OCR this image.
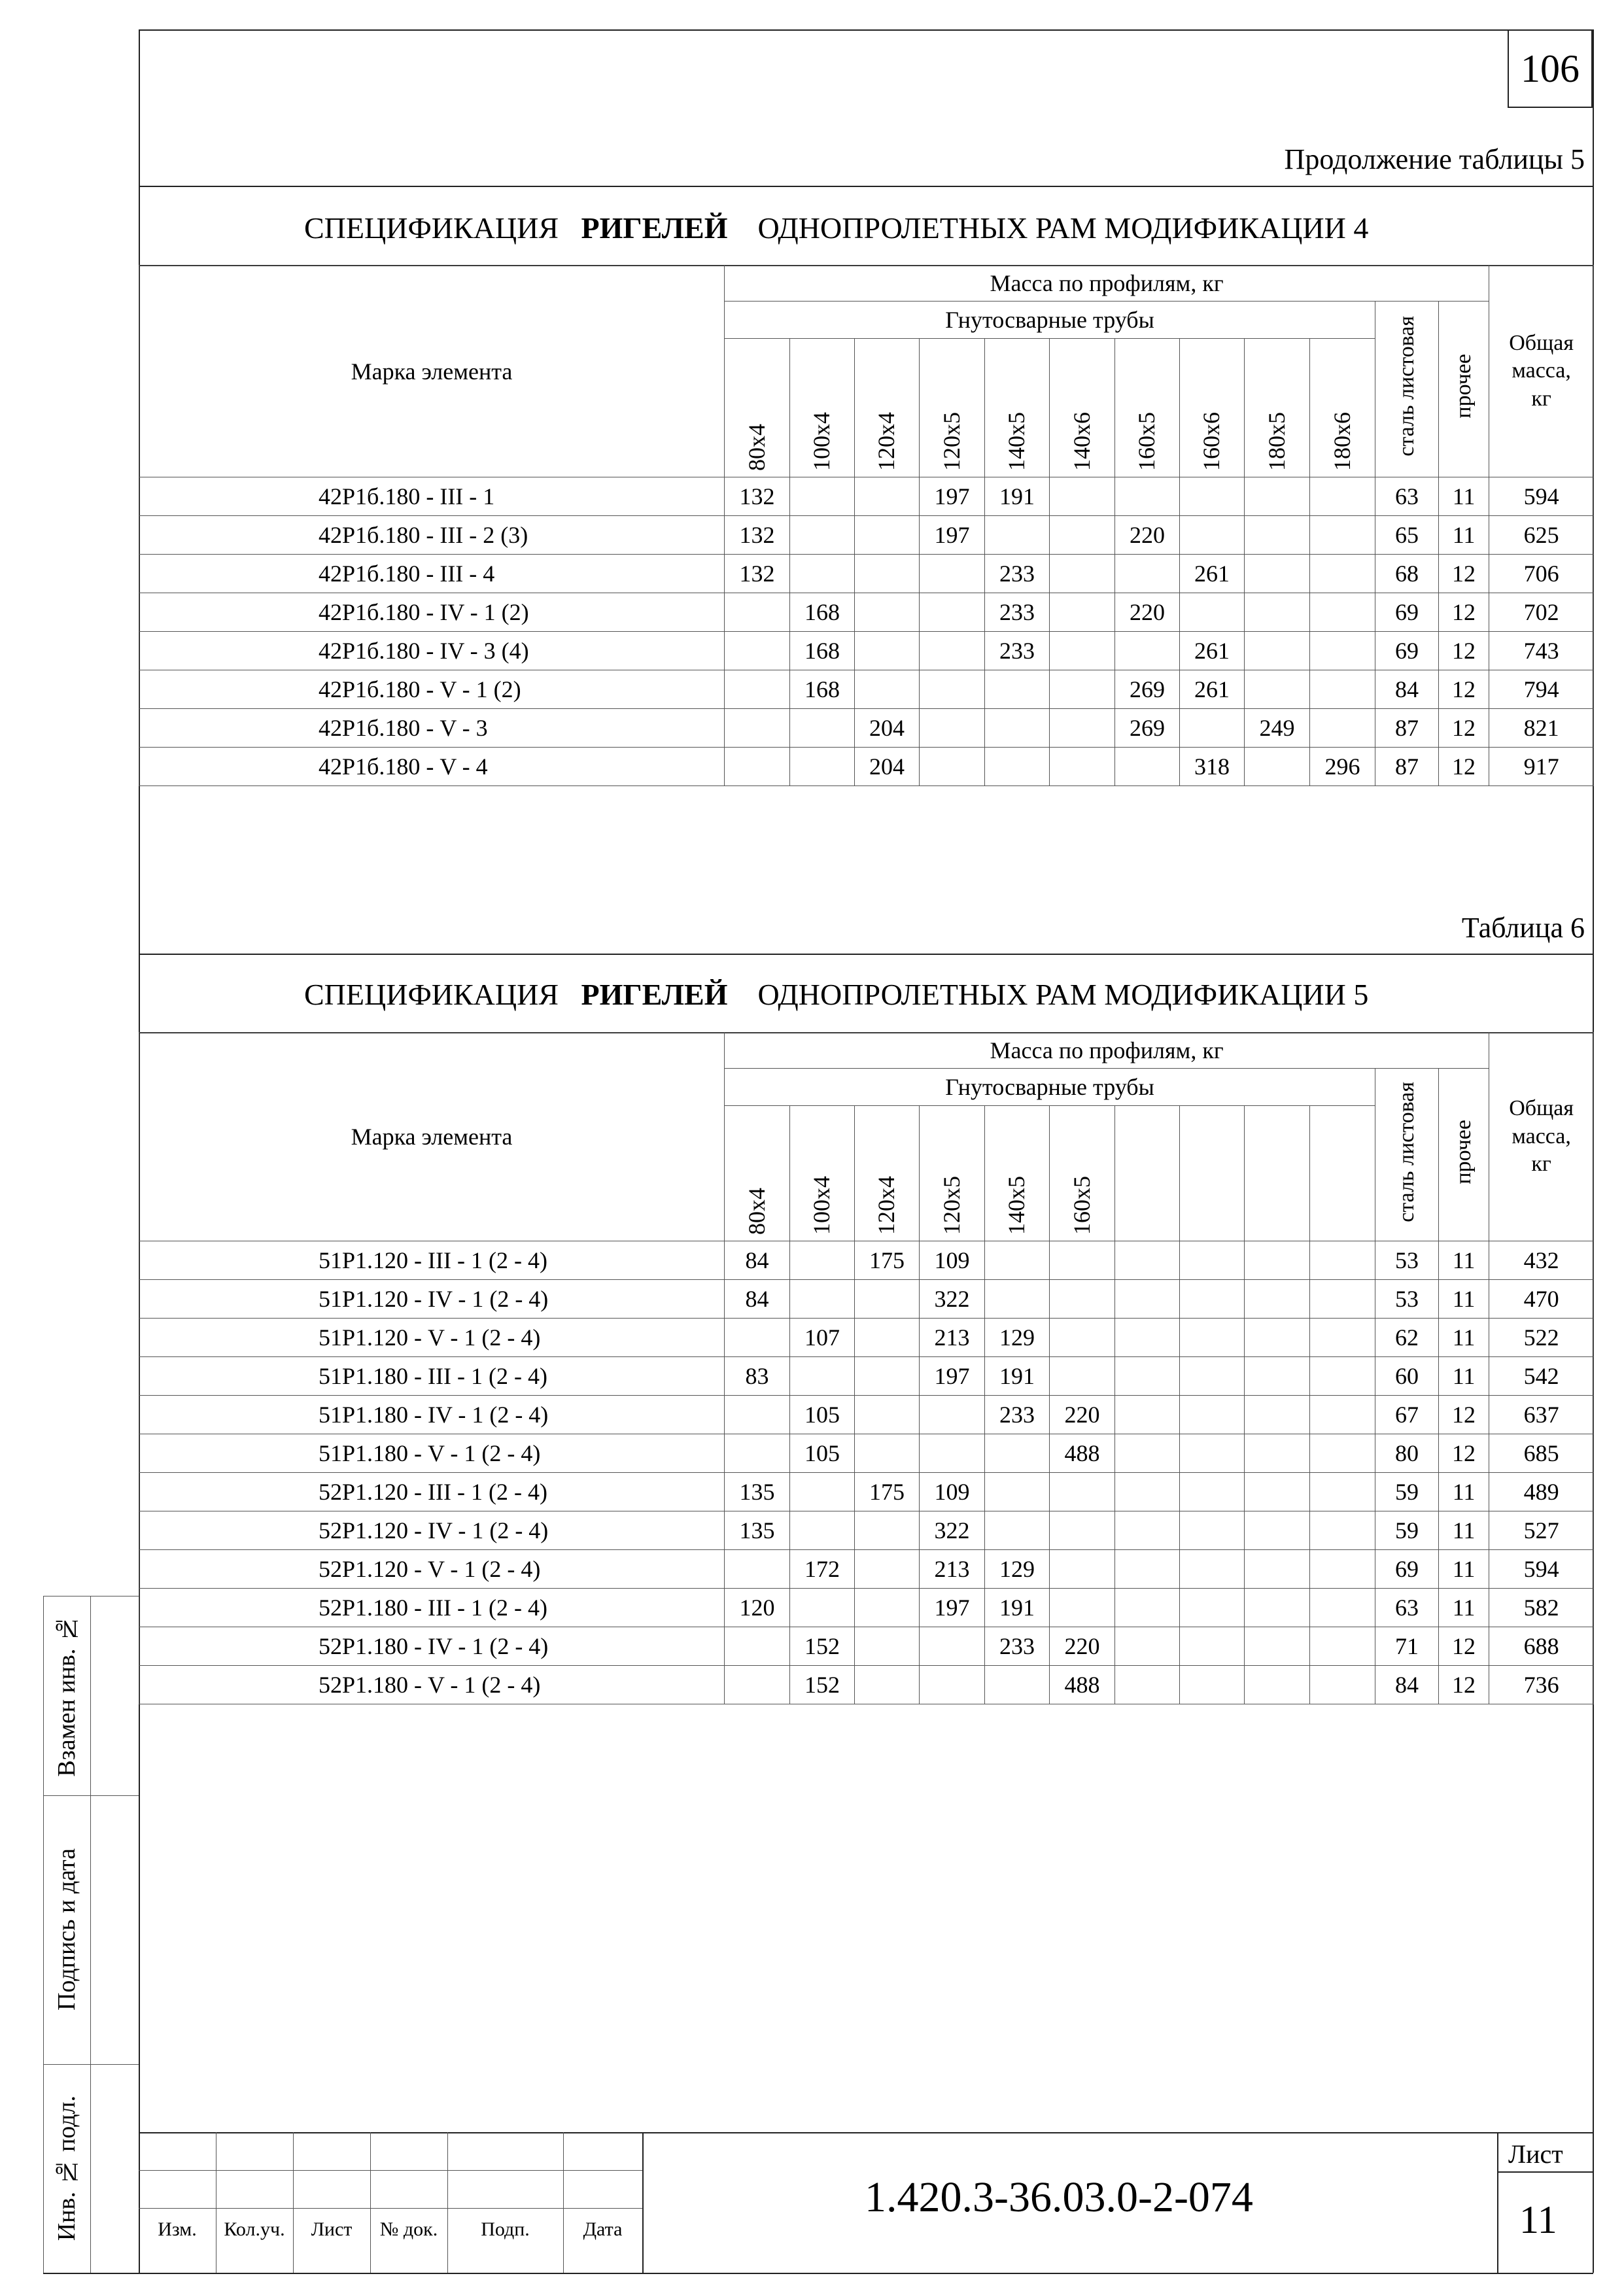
106
Продолжение таблицы 5
СПЕЦИФИКАЦИЯ РИГЕЛЕЙ ОДНОПРОЛЕТНЫХ РАМ МОДИФИКАЦИИ 4
Марка элемента	Масса по профилям, кг												Общая
масса,
кг
	Гнутосварные трубы										сталь листовая	прочее	
	80х4	100х4	120х4	120х5	140х5	140х6	160х5	160х6	180х5	180х6			
42Р1б.180 - III - 1	132			197	191						63	11	594
42Р1б.180 - III - 2 (3)	132			197			220				65	11	625
42Р1б.180 - III - 4	132				233			261			68	12	706
42Р1б.180 - IV - 1 (2)		168			233		220				69	12	702
42Р1б.180 - IV - 3 (4)		168			233			261			69	12	743
42Р1б.180 - V - 1 (2)		168					269	261			84	12	794
42Р1б.180 - V - 3			204				269		249		87	12	821
42Р1б.180 - V - 4			204					318		296	87	12	917
Таблица 6
СПЕЦИФИКАЦИЯ РИГЕЛЕЙ ОДНОПРОЛЕТНЫХ РАМ МОДИФИКАЦИИ 5
Марка элемента	Масса по профилям, кг												Общая
масса,
кг
	Гнутосварные трубы										сталь листовая	прочее	
	80х4	100х4	120х4	120х5	140х5	160х5							
51Р1.120 - III - 1 (2 - 4)	84		175	109							53	11	432
51Р1.120 - IV - 1 (2 - 4)	84			322							53	11	470
51Р1.120 - V - 1 (2 - 4)		107		213	129						62	11	522
51Р1.180 - III - 1 (2 - 4)	83			197	191						60	11	542
51Р1.180 - IV - 1 (2 - 4)		105			233	220					67	12	637
51Р1.180 - V - 1 (2 - 4)		105				488					80	12	685
52Р1.120 - III - 1 (2 - 4)	135		175	109							59	11	489
52Р1.120 - IV - 1 (2 - 4)	135			322							59	11	527
52Р1.120 - V - 1 (2 - 4)		172		213	129						69	11	594
52Р1.180 - III - 1 (2 - 4)	120			197	191						63	11	582
52Р1.180 - IV - 1 (2 - 4)		152			233	220					71	12	688
52Р1.180 - V - 1 (2 - 4)		152				488					84	12	736
Взамен инв. №
Подпись и дата
Инв. № подл.	Изм.	Кол.уч.	Лист	№ док.	Подп.	Дата
1.420.3-36.03.0-2-074
Лист
11
